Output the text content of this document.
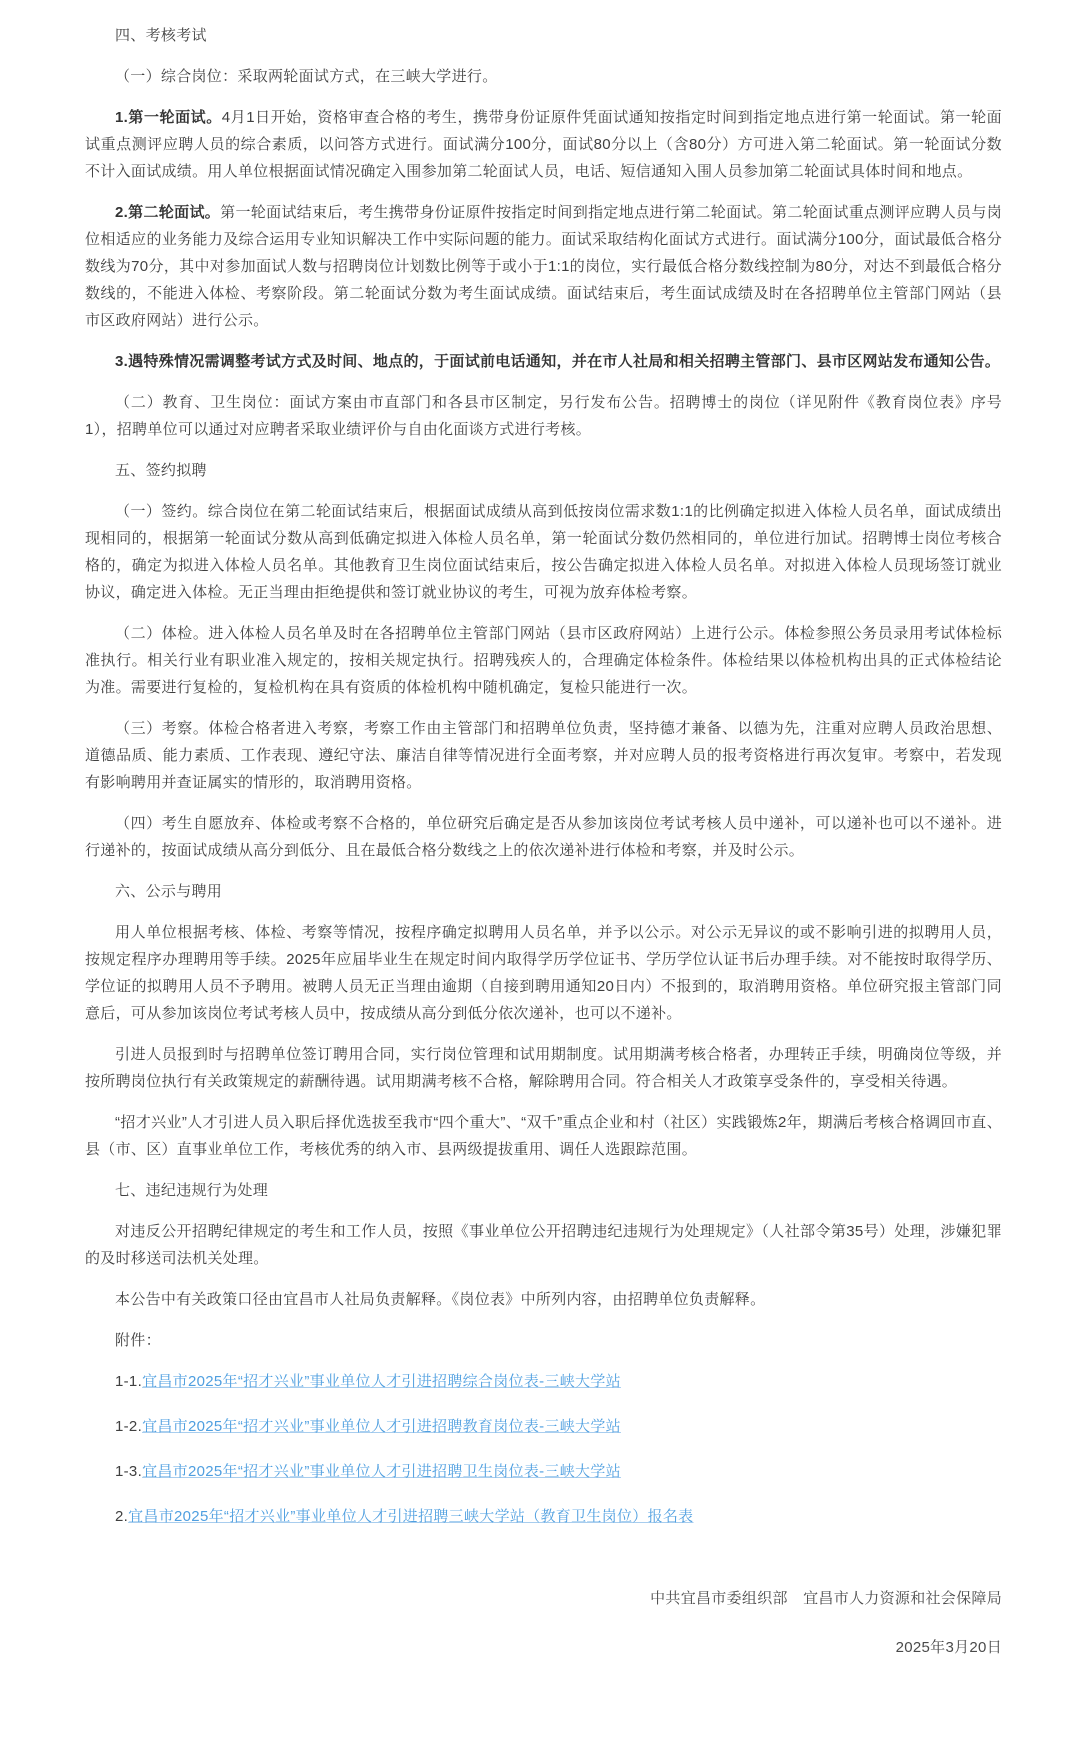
四、考核考试

（一）综合岗位：采取两轮面试方式，在三峡大学进行。

1.第一轮面试。4月1日开始，资格审查合格的考生，携带身份证原件凭面试通知按指定时间到指定地点进行第一轮面试。第一轮面试重点测评应聘人员的综合素质，以问答方式进行。面试满分100分，面试80分以上（含80分）方可进入第二轮面试。第一轮面试分数不计入面试成绩。用人单位根据面试情况确定入围参加第二轮面试人员，电话、短信通知入围人员参加第二轮面试具体时间和地点。

2.第二轮面试。第一轮面试结束后，考生携带身份证原件按指定时间到指定地点进行第二轮面试。第二轮面试重点测评应聘人员与岗位相适应的业务能力及综合运用专业知识解决工作中实际问题的能力。面试采取结构化面试方式进行。面试满分100分，面试最低合格分数线为70分，其中对参加面试人数与招聘岗位计划数比例等于或小于1:1的岗位，实行最低合格分数线控制为80分，对达不到最低合格分数线的，不能进入体检、考察阶段。第二轮面试分数为考生面试成绩。面试结束后，考生面试成绩及时在各招聘单位主管部门网站（县市区政府网站）进行公示。

3.遇特殊情况需调整考试方式及时间、地点的，于面试前电话通知，并在市人社局和相关招聘主管部门、县市区网站发布通知公告。

（二）教育、卫生岗位：面试方案由市直部门和各县市区制定，另行发布公告。招聘博士的岗位（详见附件《教育岗位表》序号1），招聘单位可以通过对应聘者采取业绩评价与自由化面谈方式进行考核。

五、签约拟聘

（一）签约。综合岗位在第二轮面试结束后，根据面试成绩从高到低按岗位需求数1:1的比例确定拟进入体检人员名单，面试成绩出现相同的，根据第一轮面试分数从高到低确定拟进入体检人员名单，第一轮面试分数仍然相同的，单位进行加试。招聘博士岗位考核合格的，确定为拟进入体检人员名单。其他教育卫生岗位面试结束后，按公告确定拟进入体检人员名单。对拟进入体检人员现场签订就业协议，确定进入体检。无正当理由拒绝提供和签订就业协议的考生，可视为放弃体检考察。

（二）体检。进入体检人员名单及时在各招聘单位主管部门网站（县市区政府网站）上进行公示。体检参照公务员录用考试体检标准执行。相关行业有职业准入规定的，按相关规定执行。招聘残疾人的，合理确定体检条件。体检结果以体检机构出具的正式体检结论为准。需要进行复检的，复检机构在具有资质的体检机构中随机确定，复检只能进行一次。

（三）考察。体检合格者进入考察，考察工作由主管部门和招聘单位负责，坚持德才兼备、以德为先，注重对应聘人员政治思想、道德品质、能力素质、工作表现、遵纪守法、廉洁自律等情况进行全面考察，并对应聘人员的报考资格进行再次复审。考察中，若发现有影响聘用并查证属实的情形的，取消聘用资格。

（四）考生自愿放弃、体检或考察不合格的，单位研究后确定是否从参加该岗位考试考核人员中递补，可以递补也可以不递补。进行递补的，按面试成绩从高分到低分、且在最低合格分数线之上的依次递补进行体检和考察，并及时公示。

六、公示与聘用

用人单位根据考核、体检、考察等情况，按程序确定拟聘用人员名单，并予以公示。对公示无异议的或不影响引进的拟聘用人员，按规定程序办理聘用等手续。2025年应届毕业生在规定时间内取得学历学位证书、学历学位认证书后办理手续。对不能按时取得学历、学位证的拟聘用人员不予聘用。被聘人员无正当理由逾期（自接到聘用通知20日内）不报到的，取消聘用资格。单位研究报主管部门同意后，可从参加该岗位考试考核人员中，按成绩从高分到低分依次递补，也可以不递补。

引进人员报到时与招聘单位签订聘用合同，实行岗位管理和试用期制度。试用期满考核合格者，办理转正手续，明确岗位等级，并按所聘岗位执行有关政策规定的薪酬待遇。试用期满考核不合格，解除聘用合同。符合相关人才政策享受条件的，享受相关待遇。

“招才兴业”人才引进人员入职后择优选拔至我市“四个重大”、“双千”重点企业和村（社区）实践锻炼2年，期满后考核合格调回市直、县（市、区）直事业单位工作，考核优秀的纳入市、县两级提拔重用、调任人选跟踪范围。

七、违纪违规行为处理

对违反公开招聘纪律规定的考生和工作人员，按照《事业单位公开招聘违纪违规行为处理规定》（人社部令第35号）处理，涉嫌犯罪的及时移送司法机关处理。

本公告中有关政策口径由宜昌市人社局负责解释。《岗位表》中所列内容，由招聘单位负责解释。

附件：

1-1.宜昌市2025年“招才兴业”事业单位人才引进招聘综合岗位表-三峡大学站

1-2.宜昌市2025年“招才兴业”事业单位人才引进招聘教育岗位表-三峡大学站

1-3.宜昌市2025年“招才兴业”事业单位人才引进招聘卫生岗位表-三峡大学站

2.宜昌市2025年“招才兴业”事业单位人才引进招聘三峡大学站（教育卫生岗位）报名表

中共宜昌市委组织部　宜昌市人力资源和社会保障局

2025年3月20日
